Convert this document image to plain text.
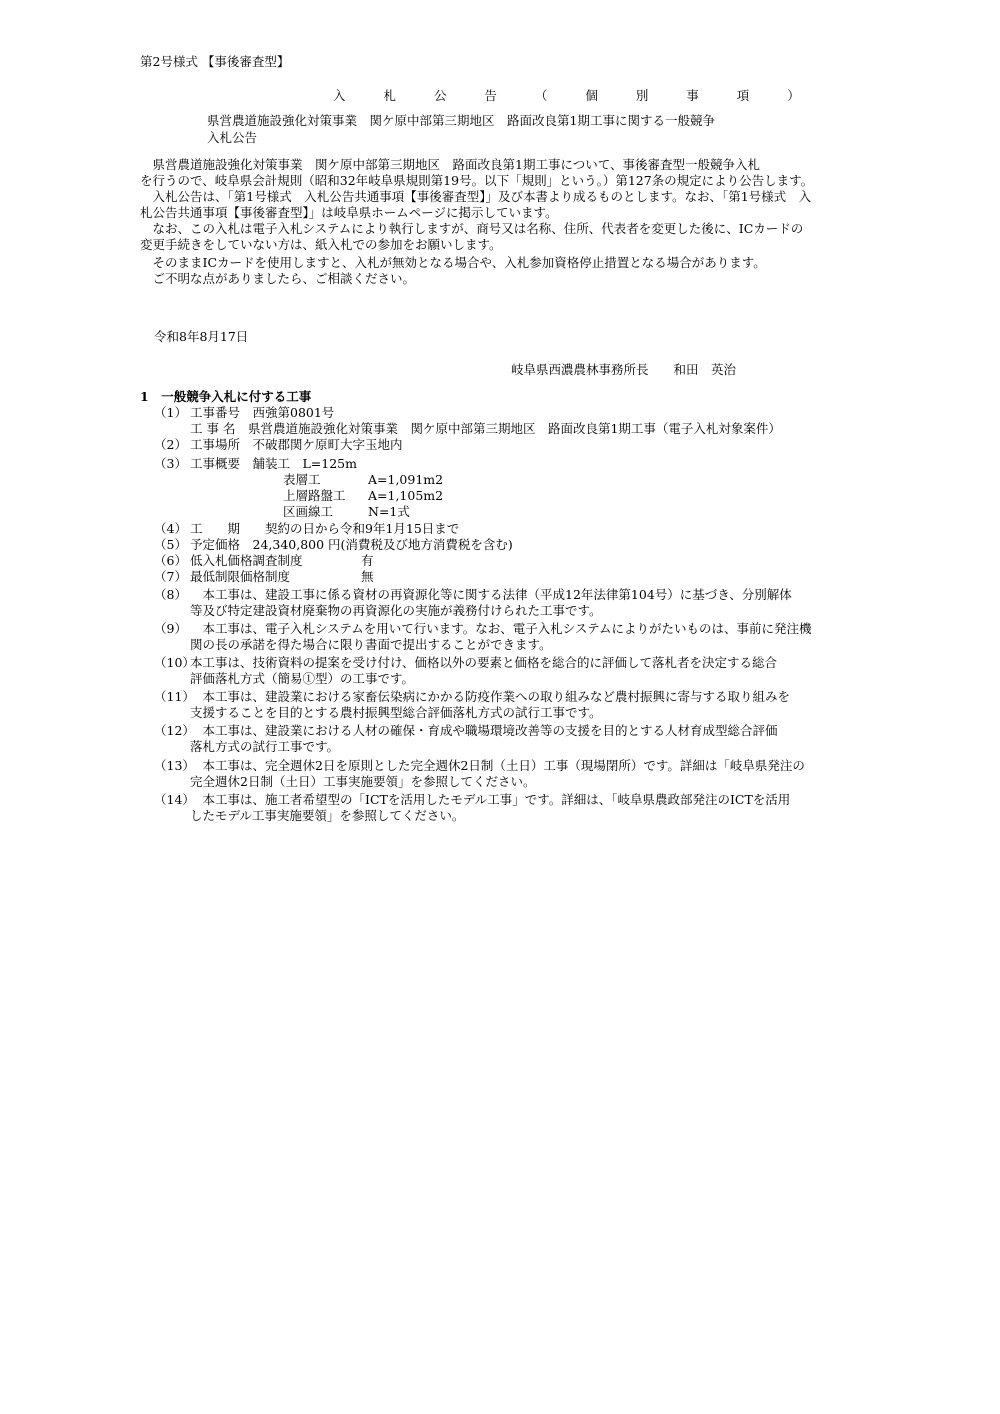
第2号様式 【事後審査型】
入 札 公 告 （ 個 別 事 項 ）
県営農道施設強化対策事業　関ケ原中部第三期地区　路面改良第1期工事に関する一般競争
入札公告
　県営農道施設強化対策事業　関ケ原中部第三期地区　路面改良第1期工事について、事後審査型一般競争入札
を行うので、岐阜県会計規則（昭和32年岐阜県規則第19号。以下「規則」という。）第127条の規定により公告します。
　入札公告は、「第1号様式　入札公告共通事項【事後審査型】」及び本書より成るものとします。なお、「第1号様式　入
札公告共通事項【事後審査型】」は岐阜県ホームページに掲示しています。
　なお、この入札は電子入札システムにより執行しますが、商号又は名称、住所、代表者を変更した後に、ICカードの
変更手続きをしていない方は、紙入札での参加をお願いします。
　そのままICカードを使用しますと、入札が無効となる場合や、入札参加資格停止措置となる場合があります。
　ご不明な点がありましたら、ご相談ください。
令和8年8月17日
岐阜県西濃農林事務所長　　和田　英治
1　一般競争入札に付する工事
（1） 工事番号　西強第0801号
工 事 名　県営農道施設強化対策事業　関ケ原中部第三期地区　路面改良第1期工事（電子入札対象案件）
（2） 工事場所　不破郡関ケ原町大字玉地内
（3） 工事概要　舗装工　L=125m
表層工	A=1,091m2
上層路盤工 A=1,105m2
区画線工	N=1式
（4） 工　　期　　契約の日から令和9年1月15日まで
（5） 予定価格　24,340,800 円(消費税及び地方消費税を含む)
（6） 低入札価格調査制度	有
（7） 最低制限価格制度	無
（8） 　本工事は、建設工事に係る資材の再資源化等に関する法律（平成12年法律第104号）に基づき、分別解体
等及び特定建設資材廃棄物の再資源化の実施が義務付けられた工事です。
（9） 　本工事は、電子入札システムを用いて行います。なお、電子入札システムによりがたいものは、事前に発注機
関の長の承諾を得た場合に限り書面で提出することができます。
（10）
本工事は、技術資料の提案を受け付け、価格以外の要素と価格を総合的に評価して落札者を決定する総合
評価落札方式（簡易①型）の工事です。
（11）
　本工事は、建設業における家畜伝染病にかかる防疫作業への取り組みなど農村振興に寄与する取り組みを
支援することを目的とする農村振興型総合評価落札方式の試行工事です。
（12）
　本工事は、建設業における人材の確保・育成や職場環境改善等の支援を目的とする人材育成型総合評価
落札方式の試行工事です。
（13）
　本工事は、完全週休2日を原則とした完全週休2日制（土日）工事（現場閉所）です。詳細は「岐阜県発注の
完全週休2日制（土日）工事実施要領」を参照してください。
（14）
　本工事は、施工者希望型の「ICTを活用したモデル工事」です。詳細は、「岐阜県農政部発注のICTを活用
したモデル工事実施要領」を参照してください。
